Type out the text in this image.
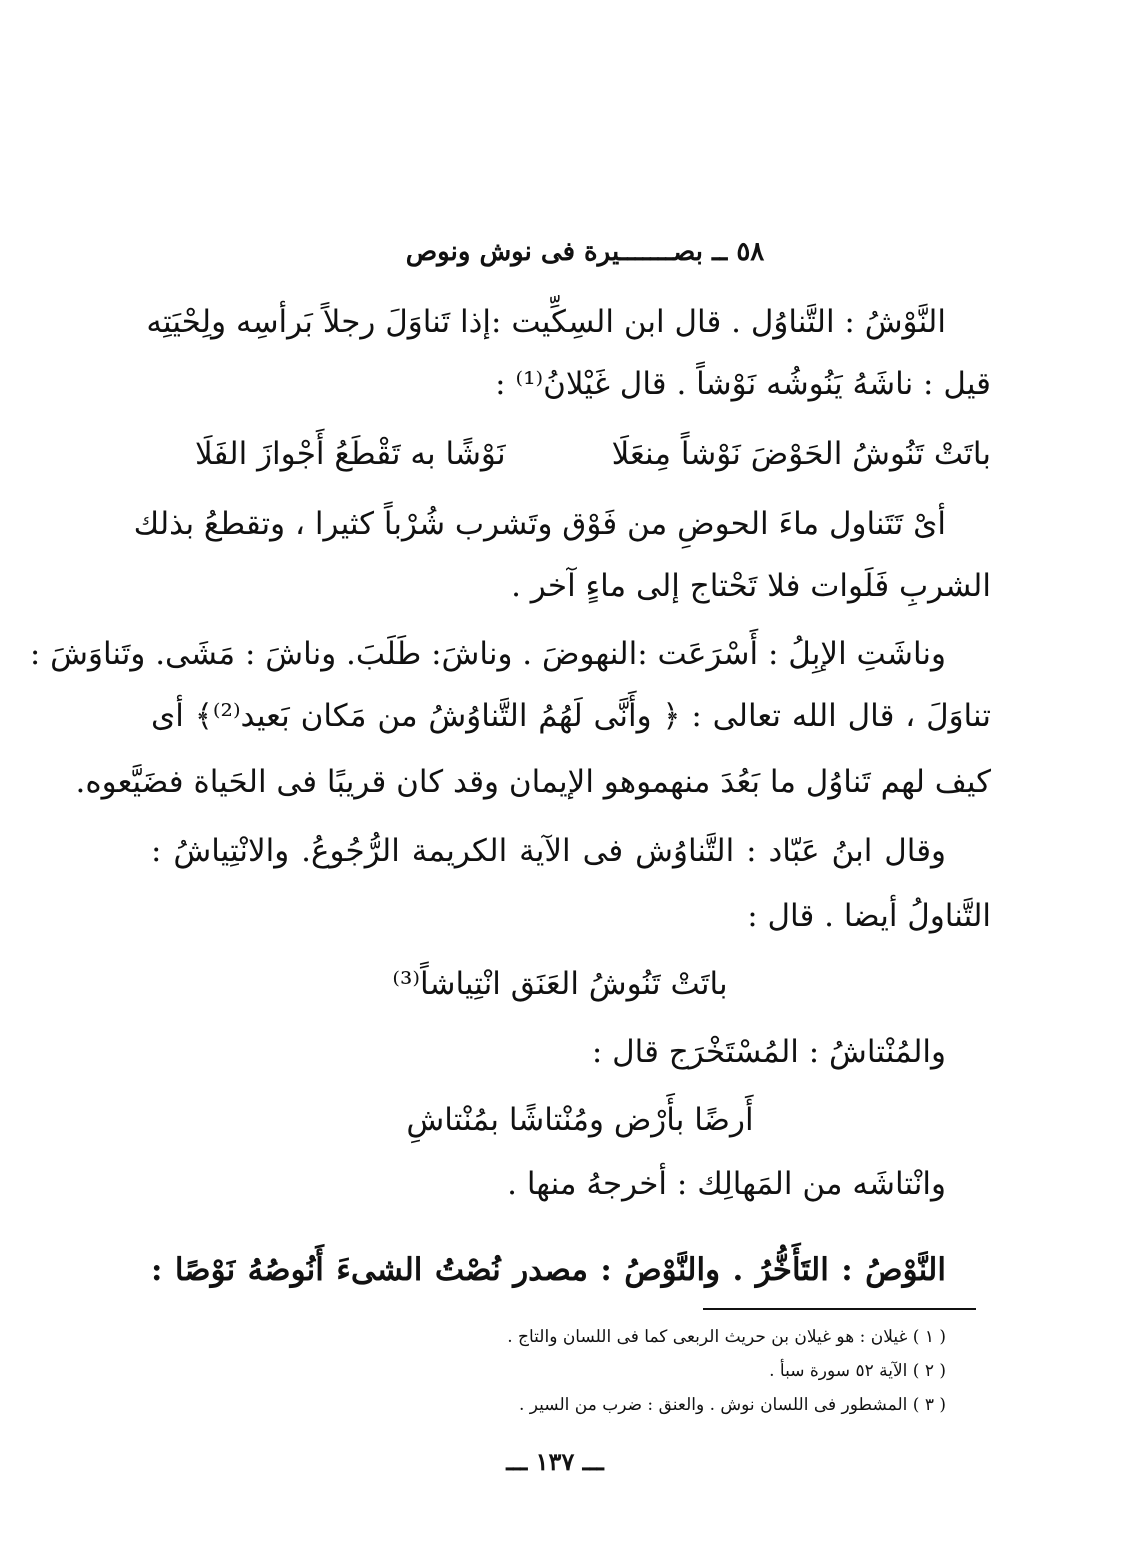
٥٨ ــ بصـــــــيرة فى نوش ونوص
النَّوْشُ : التَّناوُل . قال ابن السِكِّيت :إذا تَناوَلَ رجلاً بَرأسِه ولِحْيَتِه
قيل : ناشَهُ يَنُوشُه نَوْشاً . قال غَيْلانُ⁽¹⁾ :
باتَتْ تَنُوشُ الحَوْضَ نَوْشاً مِنعَلَا
نَوْشًا به تَقْطَعُ أَجْوازَ الفَلَا
أىْ تَتَناول ماءَ الحوضِ من فَوْق وتَشرب شُرْباً كثيرا ، وتقطعُ بذلك
الشربِ فَلَوات فلا تَحْتاج إلى ماءٍ آخر .
وناشَتِ الإبِلُ : أَسْرَعَت :النهوضَ . وناشَ: طَلَبَ. وناشَ : مَشَى. وتَناوَشَ :
تناوَلَ ، قال الله تعالى : ﴿ وأَنَّى لَهُمُ التَّناوُشُ من مَكان بَعيد⁽²⁾﴾ أى
كيف لهم تَناوُل ما بَعُدَ منهموهو الإيمان وقد كان قريبًا فى الحَياة فضَيَّعوه.
وقال ابنُ عَبّاد : التَّناوُش فى الآية الكريمة الرُّجُوعُ. والانْتِياشُ :
التَّناولُ أيضا . قال :
باتَتْ تَنُوشُ العَنَق انْتِياشاً⁽³⁾
والمُنْتاشُ : المُسْتَخْرَج قال :
أَرضًا بأَرْض ومُنْتاشًا بمُنْتاشِ
وانْتاشَه من المَهالِك : أخرجهُ منها .
النَّوْصُ : التَأَخُّرُ . والنَّوْصُ : مصدر نُصْتُ الشىءَ أَنُوصُهُ نَوْصًا :
( ١ ) غيلان : هو غيلان بن حريث الربعى كما فى اللسان والتاج .
( ٢ ) الآية ٥٢ سورة سبأ .
( ٣ ) المشطور فى اللسان نوش . والعنق : ضرب من السير .
ـــ ١٣٧ ـــ
